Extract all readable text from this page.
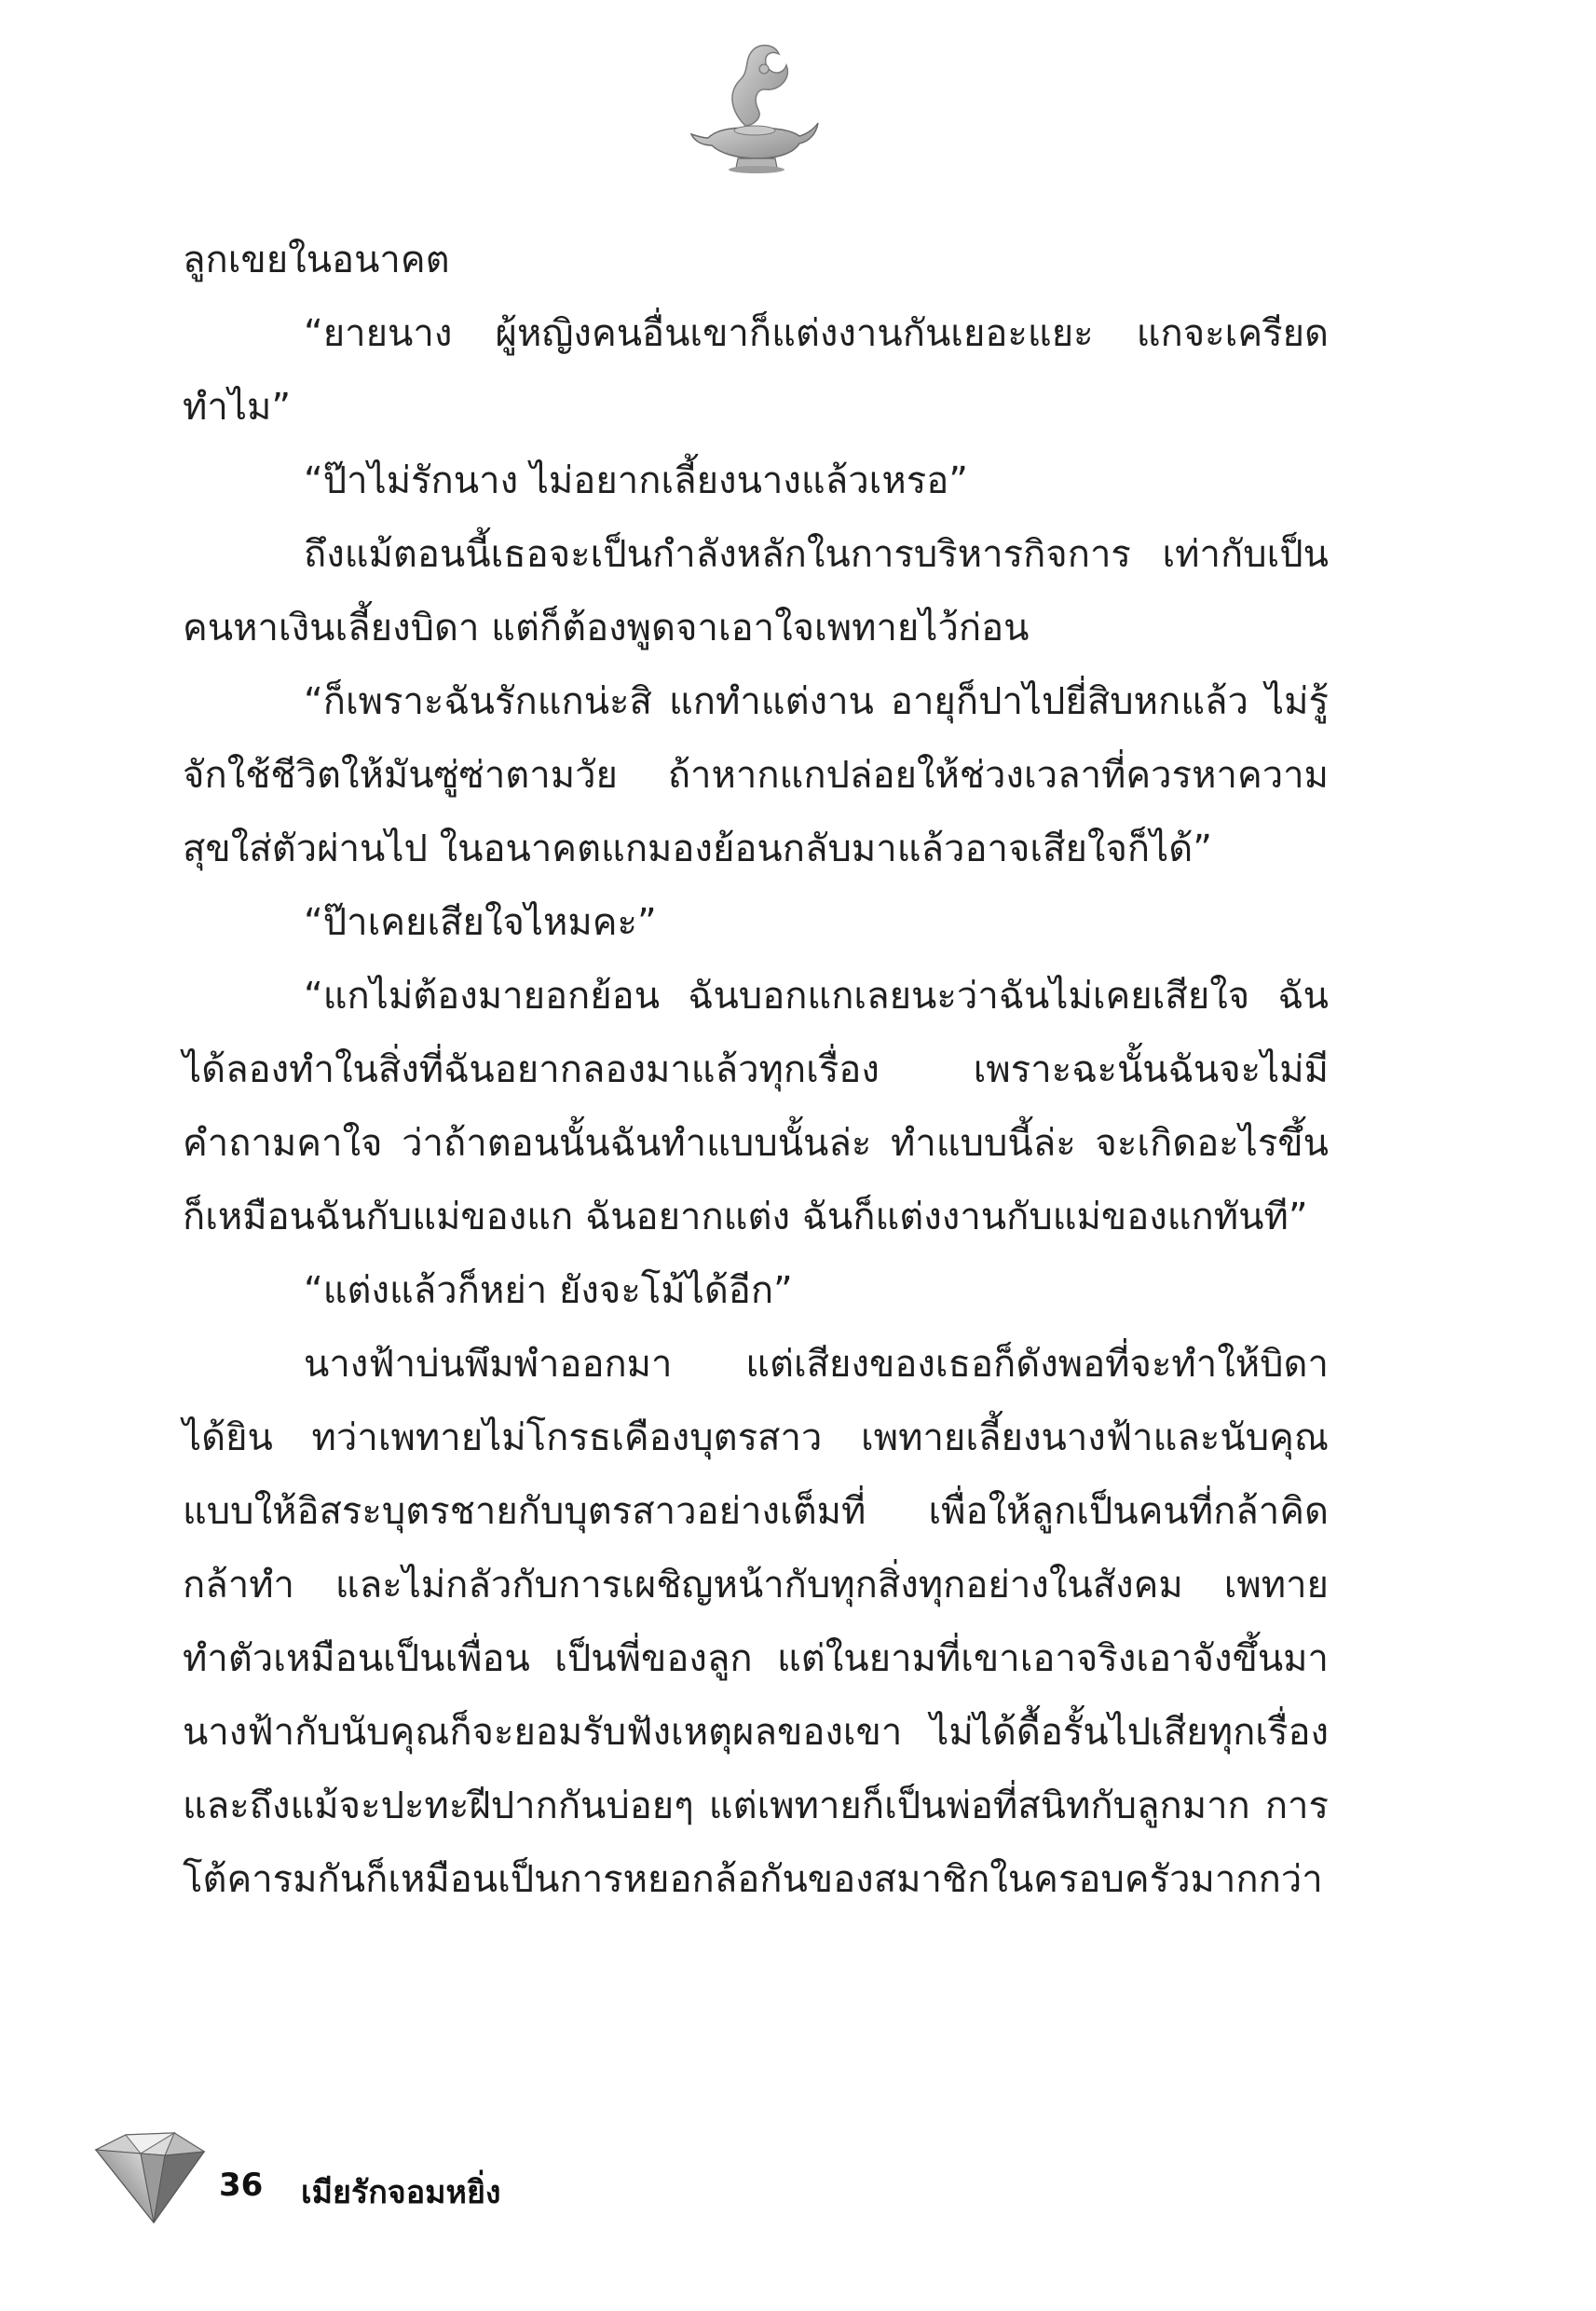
ลูกเขยในอนาคต

“ยายนาง ผู้หญิงคนอื่นเขาก็แต่งงานกันเยอะแยะ แกจะเครียดทำไม”

“ป๊าไม่รักนาง ไม่อยากเลี้ยงนางแล้วเหรอ”

ถึงแม้ตอนนี้เธอจะเป็นกำลังหลักในการบริหารกิจการ เท่ากับเป็นคนหาเงินเลี้ยงบิดา แต่ก็ต้องพูดจาเอาใจเพทายไว้ก่อน

“ก็เพราะฉันรักแกน่ะสิ แกทำแต่งาน อายุก็ปาไปยี่สิบหกแล้ว ไม่รู้จักใช้ชีวิตให้มันซู่ซ่าตามวัย ถ้าหากแกปล่อยให้ช่วงเวลาที่ควรหาความสุขใส่ตัวผ่านไป ในอนาคตแกมองย้อนกลับมาแล้วอาจเสียใจก็ได้”

“ป๊าเคยเสียใจไหมคะ”

“แกไม่ต้องมายอกย้อน ฉันบอกแกเลยนะว่าฉันไม่เคยเสียใจ ฉันได้ลองทำในสิ่งที่ฉันอยากลองมาแล้วทุกเรื่อง เพราะฉะนั้นฉันจะไม่มีคำถามคาใจ ว่าถ้าตอนนั้นฉันทำแบบนั้นล่ะ ทำแบบนี้ล่ะ จะเกิดอะไรขึ้น ก็เหมือนฉันกับแม่ของแก ฉันอยากแต่ง ฉันก็แต่งงานกับแม่ของแกทันที”

“แต่งแล้วก็หย่า ยังจะโม้ได้อีก”

นางฟ้าบ่นพึมพำออกมา แต่เสียงของเธอก็ดังพอที่จะทำให้บิดาได้ยิน ทว่าเพทายไม่โกรธเคืองบุตรสาว เพทายเลี้ยงนางฟ้าและนับคุณแบบให้อิสระบุตรชายกับบุตรสาวอย่างเต็มที่ เพื่อให้ลูกเป็นคนที่กล้าคิดกล้าทำ และไม่กลัวกับการเผชิญหน้ากับทุกสิ่งทุกอย่างในสังคม เพทายทำตัวเหมือนเป็นเพื่อน เป็นพี่ของลูก แต่ในยามที่เขาเอาจริงเอาจังขึ้นมา นางฟ้ากับนับคุณก็จะยอมรับฟังเหตุผลของเขา ไม่ได้ดื้อรั้นไปเสียทุกเรื่อง และถึงแม้จะปะทะฝีปากกันบ่อยๆ แต่เพทายก็เป็นพ่อที่สนิทกับลูกมาก การโต้คารมกันก็เหมือนเป็นการหยอกล้อกันของสมาชิกในครอบครัวมากกว่า

36 เมียรักจอมหยิ่ง
